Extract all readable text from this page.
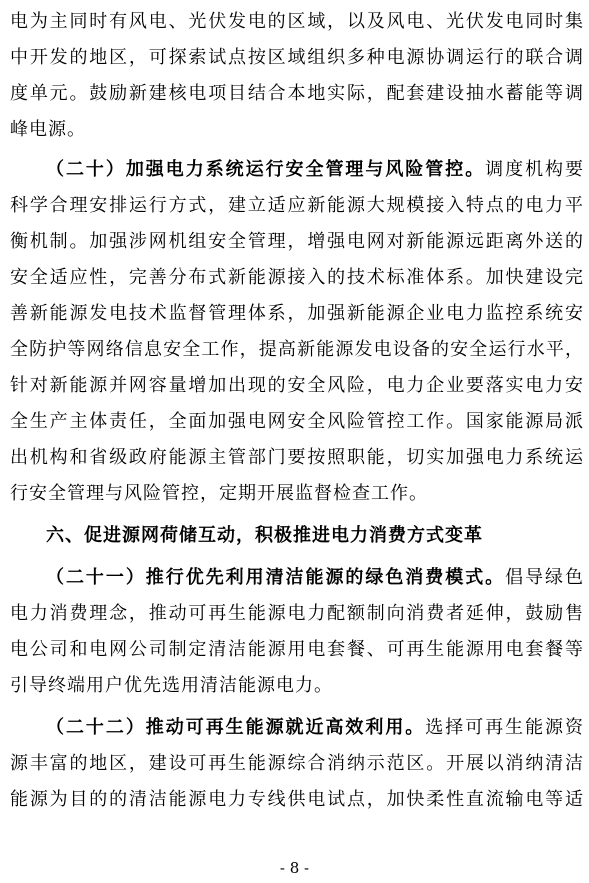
电为主同时有风电、光伏发电的区域，以及风电、光伏发电同时集
中开发的地区，可探索试点按区域组织多种电源协调运行的联合调
度单元。鼓励新建核电项目结合本地实际，配套建设抽水蓄能等调
峰电源。
（二十）加强电力系统运行安全管理与风险管控。调度机构要
科学合理安排运行方式，建立适应新能源大规模接入特点的电力平
衡机制。加强涉网机组安全管理，增强电网对新能源远距离外送的
安全适应性，完善分布式新能源接入的技术标准体系。加快建设完
善新能源发电技术监督管理体系，加强新能源企业电力监控系统安
全防护等网络信息安全工作，提高新能源发电设备的安全运行水平，
针对新能源并网容量增加出现的安全风险，电力企业要落实电力安
全生产主体责任，全面加强电网安全风险管控工作。国家能源局派
出机构和省级政府能源主管部门要按照职能，切实加强电力系统运
行安全管理与风险管控，定期开展监督检查工作。
六、促进源网荷储互动，积极推进电力消费方式变革
（二十一）推行优先利用清洁能源的绿色消费模式。倡导绿色
电力消费理念，推动可再生能源电力配额制向消费者延伸，鼓励售
电公司和电网公司制定清洁能源用电套餐、可再生能源用电套餐等
引导终端用户优先选用清洁能源电力。
（二十二）推动可再生能源就近高效利用。选择可再生能源资
源丰富的地区，建设可再生能源综合消纳示范区。开展以消纳清洁
能源为目的的清洁能源电力专线供电试点，加快柔性直流输电等适
- 8 -
